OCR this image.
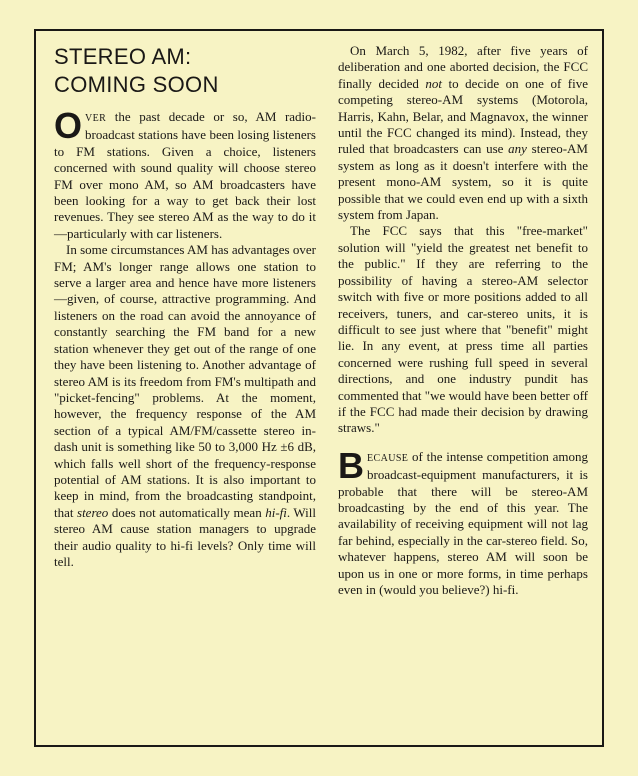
STEREO AM:
COMING SOON

OVER the past decade or so, AM radio-broadcast stations have been losing listeners to FM stations. Given a choice, listeners concerned with sound quality will choose stereo FM over mono AM, so AM broadcasters have been looking for a way to get back their lost revenues. They see stereo AM as the way to do it—particularly with car listeners.

In some circumstances AM has advantages over FM; AM's longer range allows one station to serve a larger area and hence have more listeners—given, of course, attractive programming. And listeners on the road can avoid the annoyance of constantly searching the FM band for a new station whenever they get out of the range of one they have been listening to. Another advantage of stereo AM is its freedom from FM's multipath and "picket-fencing" problems. At the moment, however, the frequency response of the AM section of a typical AM/FM/cassette stereo in-dash unit is something like 50 to 3,000 Hz ±6 dB, which falls well short of the frequency-response potential of AM stations. It is also important to keep in mind, from the broadcasting standpoint, that stereo does not automatically mean hi-fi. Will stereo AM cause station managers to upgrade their audio quality to hi-fi levels? Only time will tell.

On March 5, 1982, after five years of deliberation and one aborted decision, the FCC finally decided not to decide on one of five competing stereo-AM systems (Motorola, Harris, Kahn, Belar, and Magnavox, the winner until the FCC changed its mind). Instead, they ruled that broadcasters can use any stereo-AM system as long as it doesn't interfere with the present mono-AM system, so it is quite possible that we could even end up with a sixth system from Japan.

The FCC says that this "free-market" solution will "yield the greatest net benefit to the public." If they are referring to the possibility of having a stereo-AM selector switch with five or more positions added to all receivers, tuners, and car-stereo units, it is difficult to see just where that "benefit" might lie. In any event, at press time all parties concerned were rushing full speed in several directions, and one industry pundit has commented that "we would have been better off if the FCC had made their decision by drawing straws."

BECAUSE of the intense competition among broadcast-equipment manufacturers, it is probable that there will be stereo-AM broadcasting by the end of this year. The availability of receiving equipment will not lag far behind, especially in the car-stereo field. So, whatever happens, stereo AM will soon be upon us in one or more forms, in time perhaps even in (would you believe?) hi-fi.
